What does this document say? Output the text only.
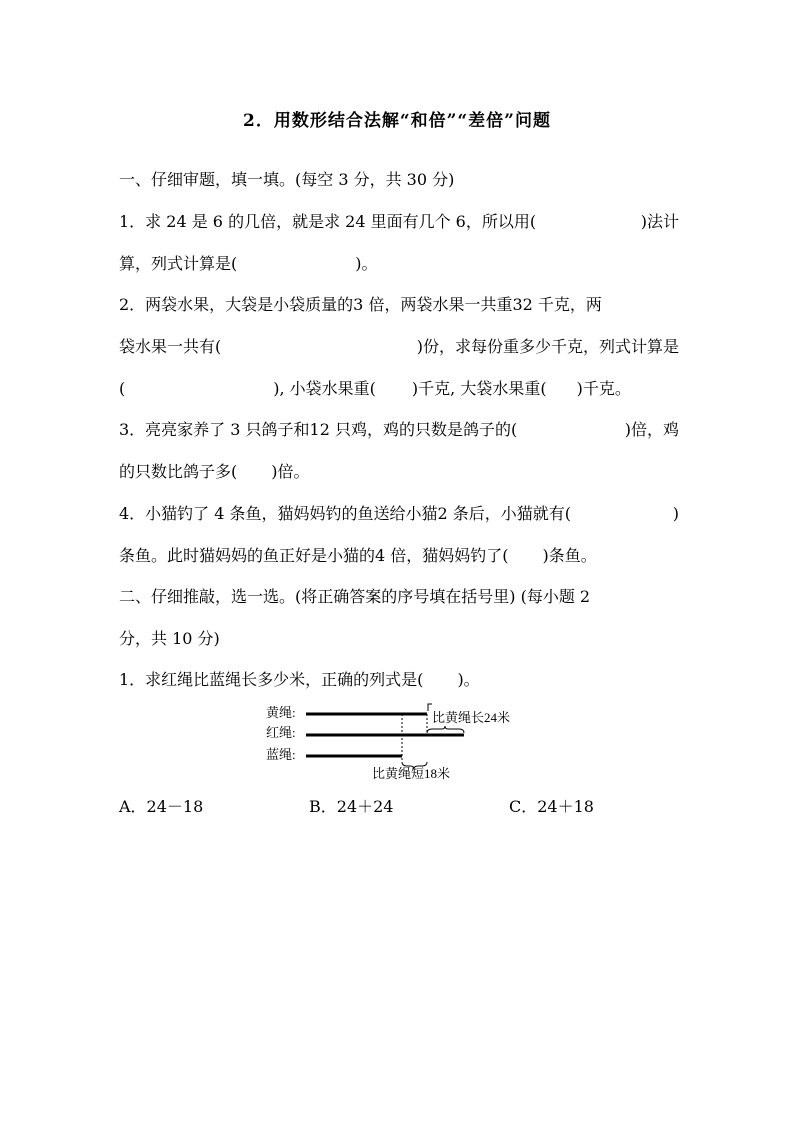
2．用数形结合法解“和倍”“差倍”问题
一、仔细审题，填一填。(每空 3 分，共 30 分)
1．求 24 是 6 的几倍，就是求 24 里面有几个 6，所以用(	)法计
算，列式计算是(	)。
2．两袋水果，大袋是小袋质量的3 倍，两袋水果一共重32 千克，两
袋水果一共有(	)份，求每份重多少千克，列式计算是
(	), 小袋水果重( )千克, 大袋水果重( )千克。
3．亮亮家养了 3 只鸽子和12 只鸡，鸡的只数是鸽子的(	)倍，鸡
的只数比鸽子多( )倍。
4．小猫钓了 4 条鱼，猫妈妈钓的鱼送给小猫2 条后，小猫就有(	)
条鱼。此时猫妈妈的鱼正好是小猫的4 倍，猫妈妈钓了( )条鱼。
二、仔细推敲，选一选。(将正确答案的序号填在括号里) (每小题 2
分，共 10 分)
1．求红绳比蓝绳长多少米，正确的列式是( )。
黄绳:
红绳:
蓝绳:
比黄绳长24米
比黄绳短18米
A．24－18	B．24＋24	C．24＋18
